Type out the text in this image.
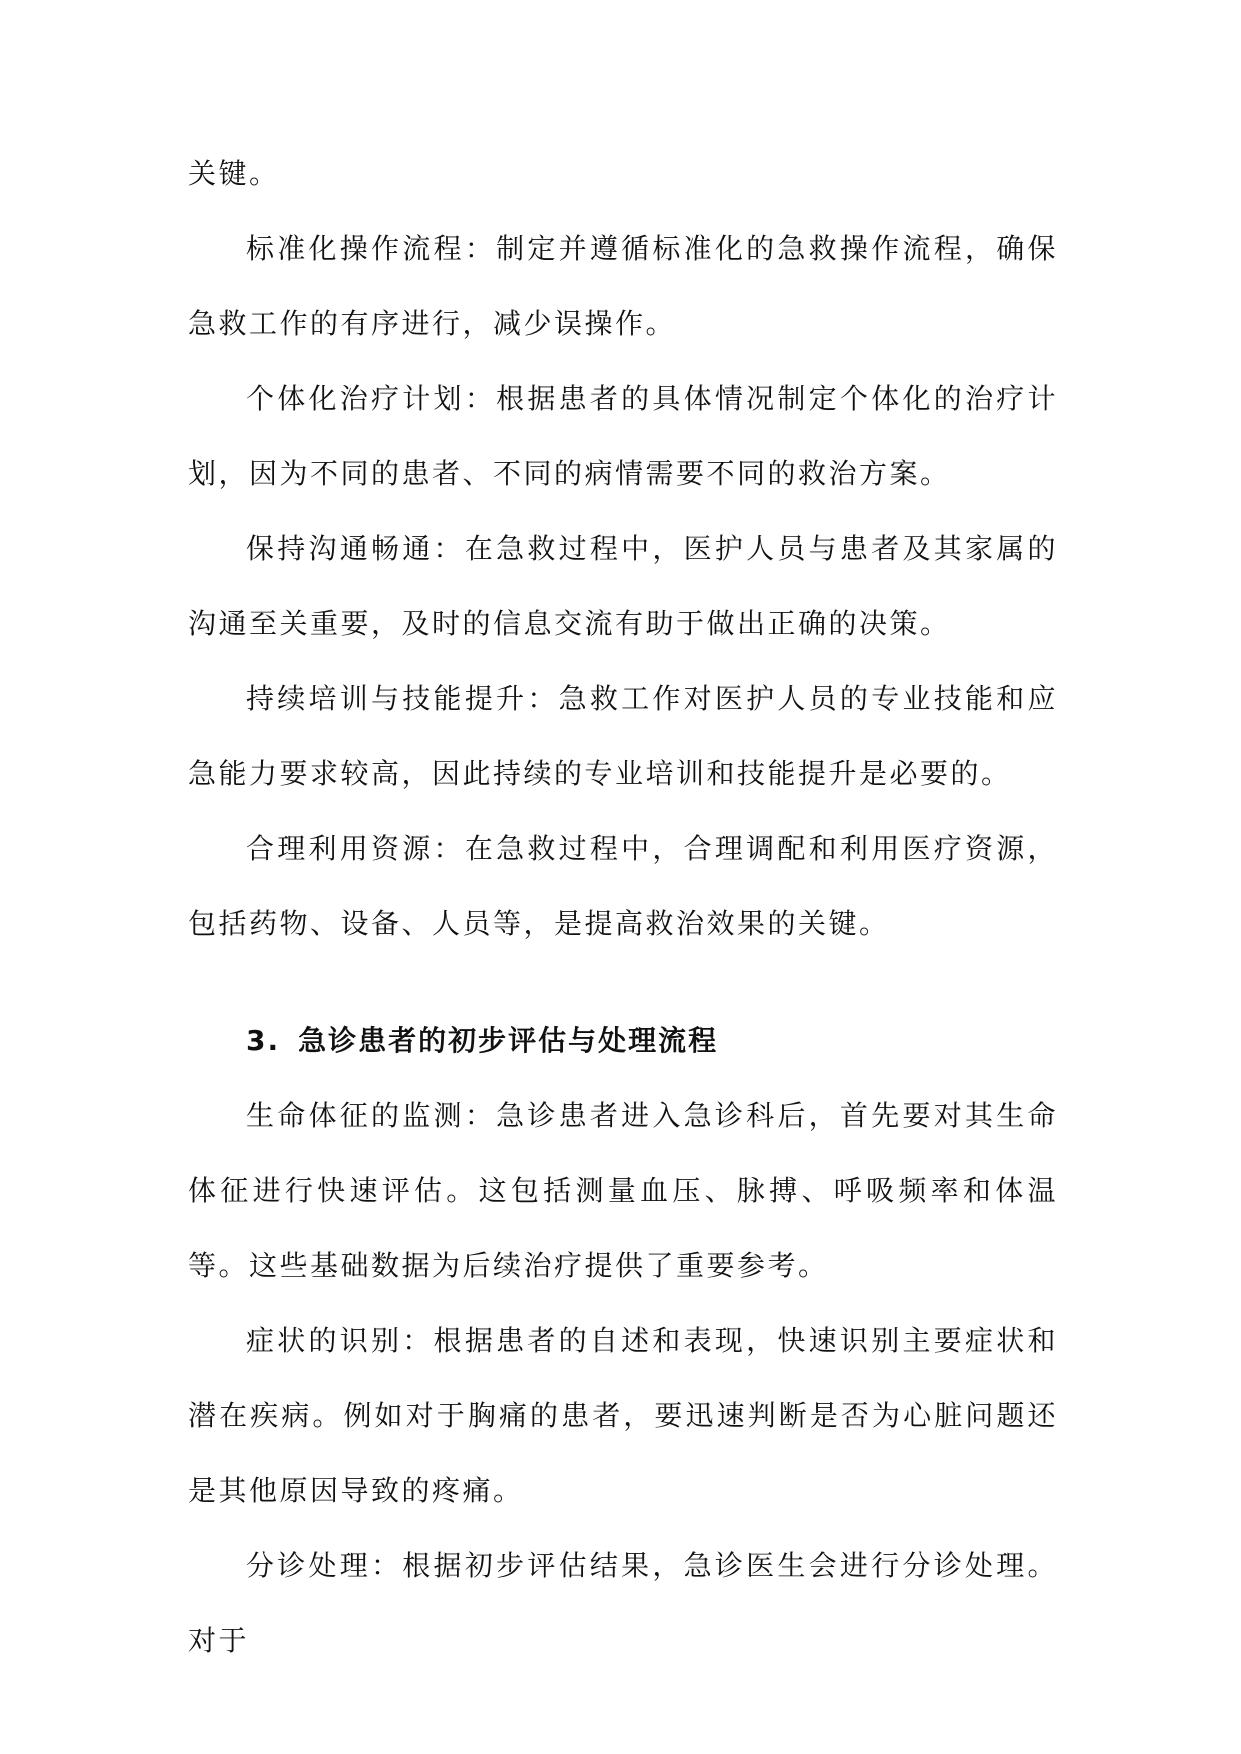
关键。

标准化操作流程：制定并遵循标准化的急救操作流程，确保急救工作的有序进行，减少误操作。

个体化治疗计划：根据患者的具体情况制定个体化的治疗计划，因为不同的患者、不同的病情需要不同的救治方案。

保持沟通畅通：在急救过程中，医护人员与患者及其家属的沟通至关重要，及时的信息交流有助于做出正确的决策。

持续培训与技能提升：急救工作对医护人员的专业技能和应急能力要求较高，因此持续的专业培训和技能提升是必要的。

合理利用资源：在急救过程中，合理调配和利用医疗资源，包括药物、设备、人员等，是提高救治效果的关键。

3. 急诊患者的初步评估与处理流程

生命体征的监测：急诊患者进入急诊科后，首先要对其生命体征进行快速评估。这包括测量血压、脉搏、呼吸频率和体温等。这些基础数据为后续治疗提供了重要参考。

症状的识别：根据患者的自述和表现，快速识别主要症状和潜在疾病。例如对于胸痛的患者，要迅速判断是否为心脏问题还是其他原因导致的疼痛。

分诊处理：根据初步评估结果，急诊医生会进行分诊处理。对于
